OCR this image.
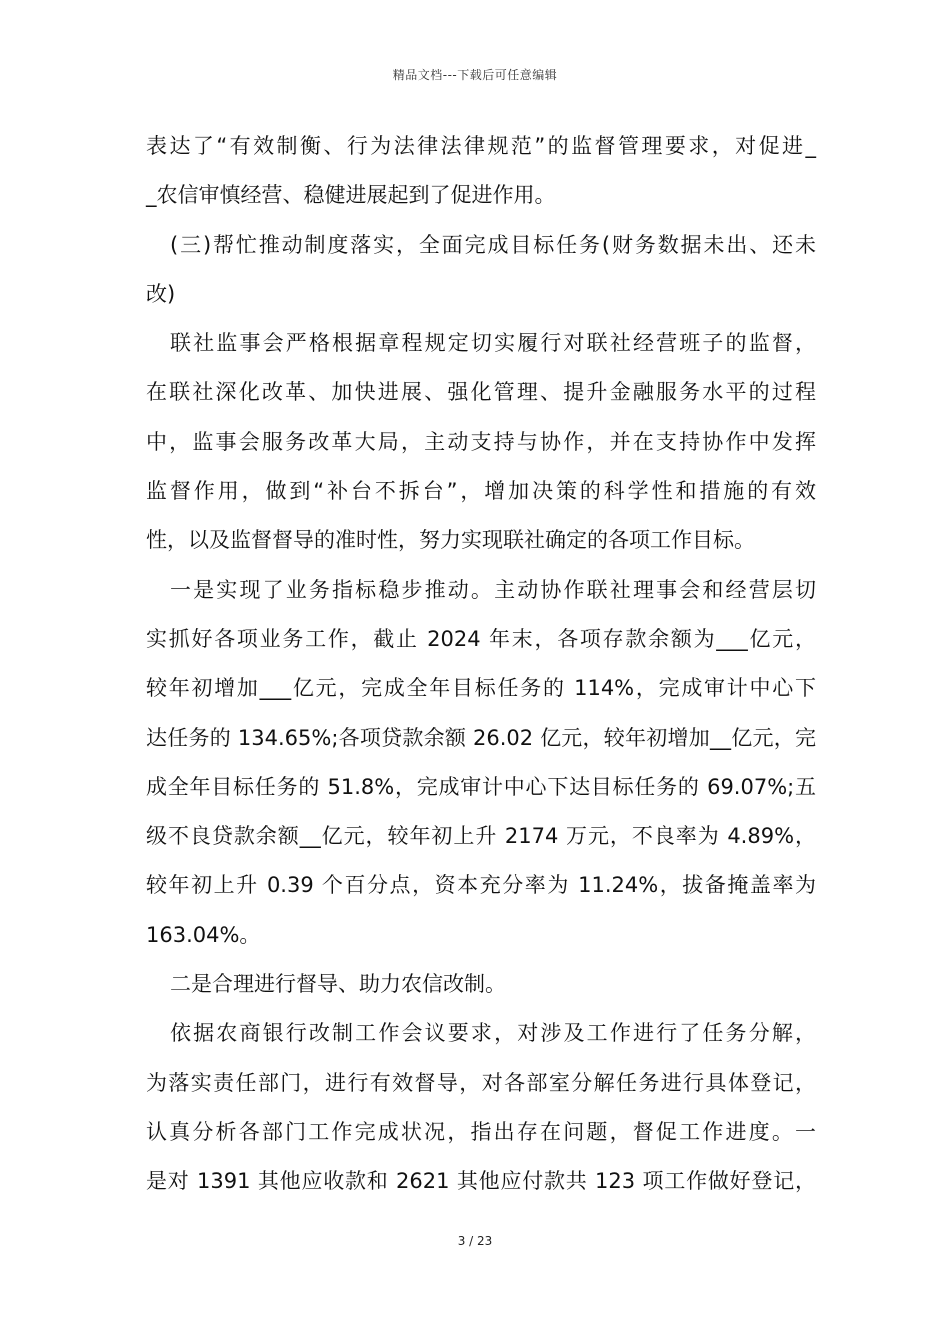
精品文档---下载后可任意编辑
表达了“有效制衡、行为法律法律规范”的监督管理要求，对促进_
_农信审慎经营、稳健进展起到了促进作用。
(三)帮忙推动制度落实，全面完成目标任务(财务数据未出、还未
改)
联社监事会严格根据章程规定切实履行对联社经营班子的监督，
在联社深化改革、加快进展、强化管理、提升金融服务水平的过程
中，监事会服务改革大局，主动支持与协作，并在支持协作中发挥
监督作用，做到“补台不拆台”，增加决策的科学性和措施的有效
性，以及监督督导的准时性，努力实现联社确定的各项工作目标。
一是实现了业务指标稳步推动。主动协作联社理事会和经营层切
实抓好各项业务工作，截止 2024 年末，各项存款余额为___亿元，
较年初增加___亿元，完成全年目标任务的 114%，完成审计中心下
达任务的 134.65%;各项贷款余额 26.02 亿元，较年初增加__亿元，完
成全年目标任务的 51.8%，完成审计中心下达目标任务的 69.07%;五
级不良贷款余额__亿元，较年初上升 2174 万元，不良率为 4.89%，
较年初上升 0.39 个百分点，资本充分率为 11.24%，拔备掩盖率为
163.04%。
二是合理进行督导、助力农信改制。
依据农商银行改制工作会议要求，对涉及工作进行了任务分解，
为落实责任部门，进行有效督导，对各部室分解任务进行具体登记，
认真分析各部门工作完成状况，指出存在问题，督促工作进度。一
是对 1391 其他应收款和 2621 其他应付款共 123 项工作做好登记，
3 / 23
